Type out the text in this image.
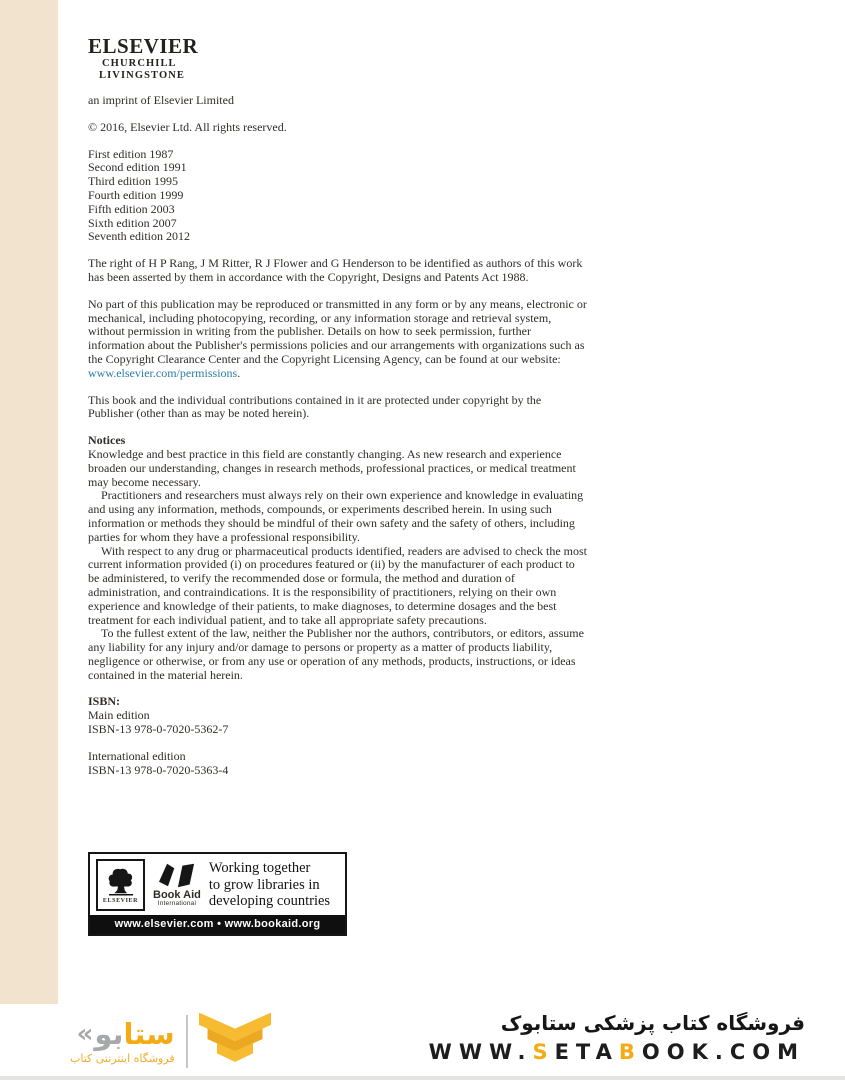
ELSEVIER
CHURCHILL
LIVINGSTONE

an imprint of Elsevier Limited

© 2016, Elsevier Ltd. All rights reserved.

First edition 1987
Second edition 1991
Third edition 1995
Fourth edition 1999
Fifth edition 2003
Sixth edition 2007
Seventh edition 2012

The right of H P Rang, J M Ritter, R J Flower and G Henderson to be identified as authors of this work has been asserted by them in accordance with the Copyright, Designs and Patents Act 1988.

No part of this publication may be reproduced or transmitted in any form or by any means, electronic or mechanical, including photocopying, recording, or any information storage and retrieval system, without permission in writing from the publisher. Details on how to seek permission, further information about the Publisher's permissions policies and our arrangements with organizations such as the Copyright Clearance Center and the Copyright Licensing Agency, can be found at our website: www.elsevier.com/permissions.

This book and the individual contributions contained in it are protected under copyright by the Publisher (other than as may be noted herein).

Notices

Knowledge and best practice in this field are constantly changing. As new research and experience broaden our understanding, changes in research methods, professional practices, or medical treatment may become necessary.

Practitioners and researchers must always rely on their own experience and knowledge in evaluating and using any information, methods, compounds, or experiments described herein. In using such information or methods they should be mindful of their own safety and the safety of others, including parties for whom they have a professional responsibility.

With respect to any drug or pharmaceutical products identified, readers are advised to check the most current information provided (i) on procedures featured or (ii) by the manufacturer of each product to be administered, to verify the recommended dose or formula, the method and duration of administration, and contraindications. It is the responsibility of practitioners, relying on their own experience and knowledge of their patients, to make diagnoses, to determine dosages and the best treatment for each individual patient, and to take all appropriate safety precautions.

To the fullest extent of the law, neither the Publisher nor the authors, contributors, or editors, assume any liability for any injury and/or damage to persons or property as a matter of products liability, negligence or otherwise, or from any use or operation of any methods, products, instructions, or ideas contained in the material herein.

ISBN:
Main edition
ISBN-13 978-0-7020-5362-7
International edition
ISBN-13 978-0-7020-5363-4
ELSEVIER Book Aid
International
Working together
to grow libraries in
developing countries
www.elsevier.com • www.bookaid.org
«	ستابو
فروشگاه اینترنتی کتاب
فروشگاه کتاب پزشکی ستابوک
WWW.SETABOOK.COM
